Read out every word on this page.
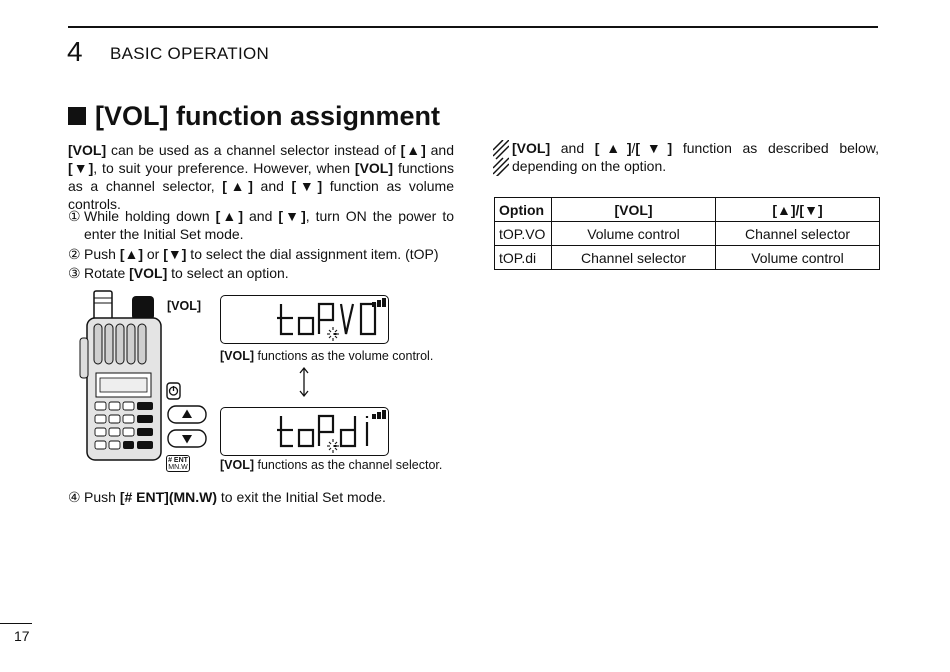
4 BASIC OPERATION
[VOL] function assignment
[VOL] can be used as a channel selector instead of [▲] and [▼], to suit your preference. However, when [VOL] functions as a channel selector, [▲] and [▼] function as volume controls.
① While holding down [▲] and [▼], turn ON the power to enter the Initial Set mode.
② Push [▲] or [▼] to select the dial assignment item. (tOP)
③ Rotate [VOL] to select an option.
[VOL]
# ENT
MN.W
[VOL] functions as the volume control.
[VOL] functions as the channel selector.
④ Push [# ENT](MN.W) to exit the Initial Set mode.
[VOL] and [▲]/[▼] function as described below, depending on the option.
Option	[VOL]	[▲]/[▼]
tOP.VO	Volume control	Channel selector
tOP.di	Channel selector	Volume control
17
